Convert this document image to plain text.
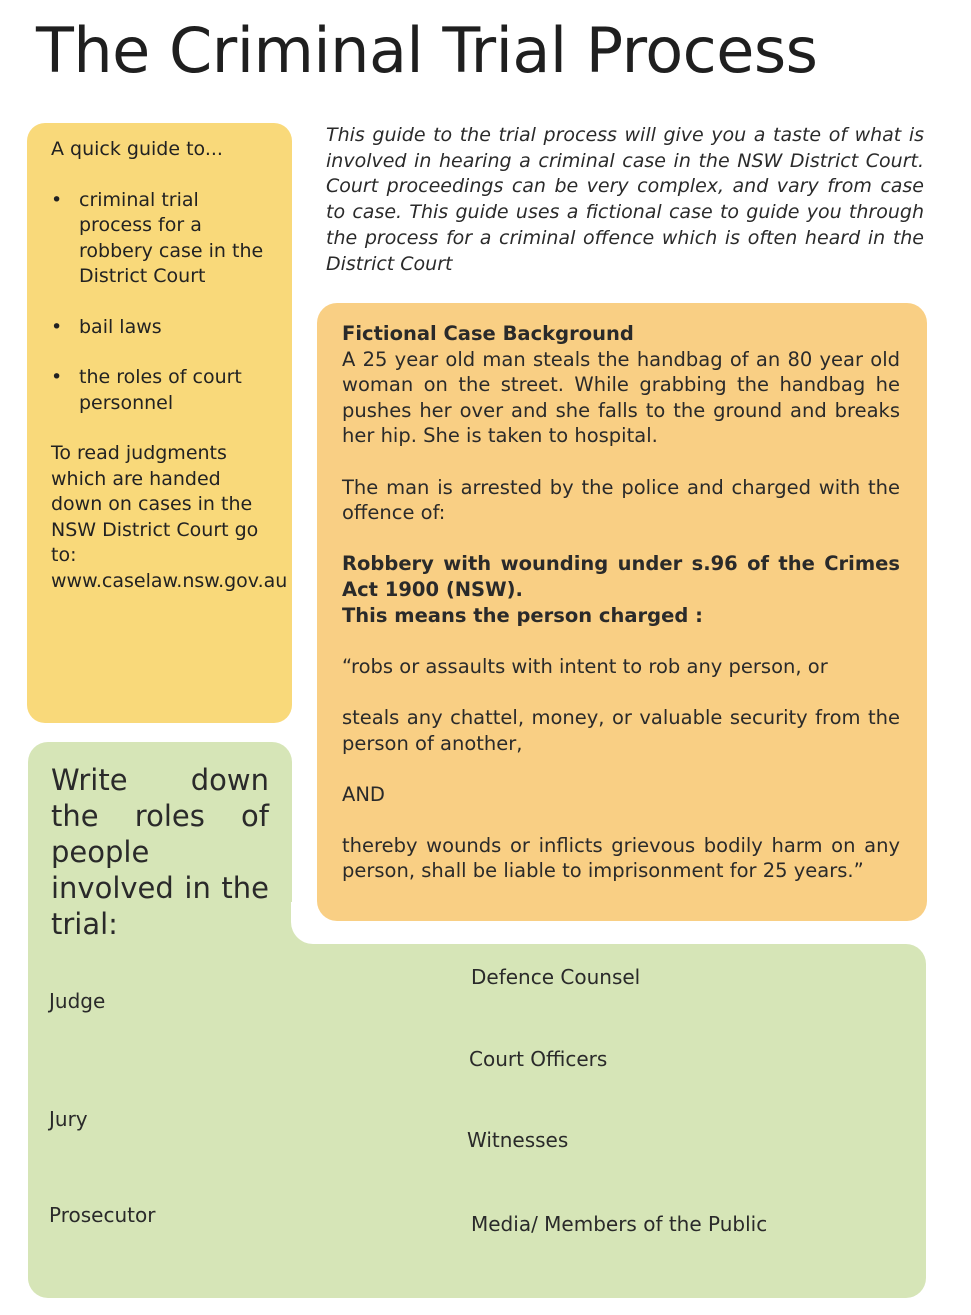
The Criminal Trial Process

A quick guide to...

• criminal trial process for a robbery case in the District Court
• bail laws
• the roles of court personnel

To read judgments which are handed down on cases in the NSW District Court go to: www.caselaw.nsw.gov.au

This guide to the trial process will give you a taste of what is involved in hearing a criminal case in the NSW District Court. Court proceedings can be very complex, and vary from case to case. This guide uses a fictional case to guide you through the process for a criminal offence which is often heard in the District Court
Write down the roles of people involved in the trial:
Judge
Jury
Prosecutor
Defence Counsel
Court Officers
Witnesses
Media/ Members of the Public

Fictional Case Background
A 25 year old man steals the handbag of an 80 year old woman on the street. While grabbing the handbag he pushes her over and she falls to the ground and breaks her hip. She is taken to hospital.

The man is arrested by the police and charged with the offence of:

Robbery with wounding under s.96 of the Crimes Act 1900 (NSW).

This means the person charged :

“robs or assaults with intent to rob any person, or

steals any chattel, money, or valuable security from the person of another,

AND

thereby wounds or inflicts grievous bodily harm on any person, shall be liable to imprisonment for 25 years.”
